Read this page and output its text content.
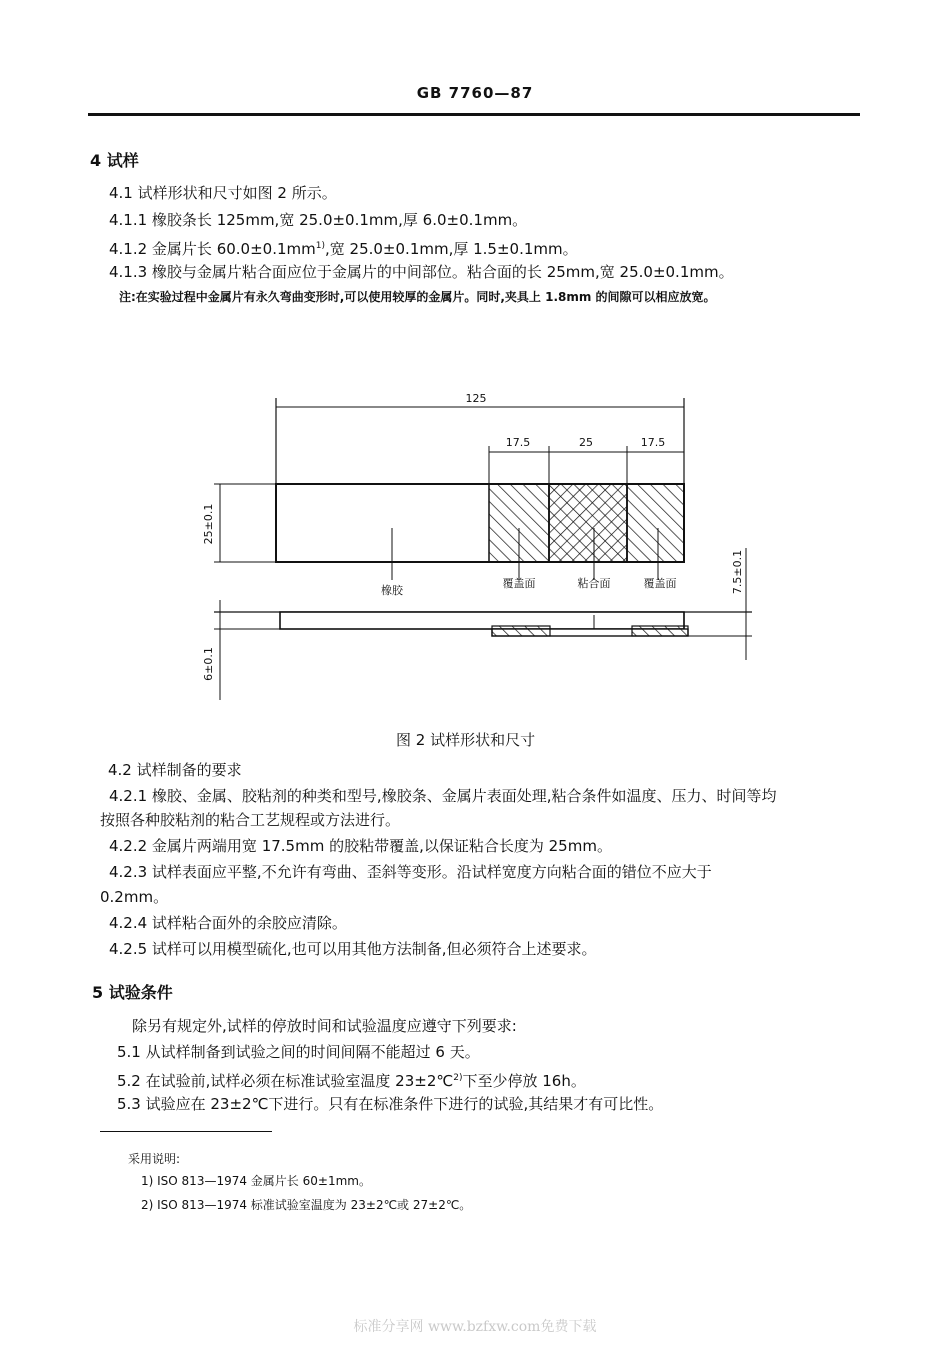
GB 7760—87
4 试样
4.1 试样形状和尺寸如图 2 所示。
4.1.1 橡胶条长 125mm,宽 25.0±0.1mm,厚 6.0±0.1mm。
4.1.2 金属片长 $60.0\pm 0.1mm^{1)}$,宽 25.0±0.1mm,厚 1.5±0.1mm。
4.1.3 橡胶与金属片粘合面应位于金属片的中间部位。粘合面的长 25mm,宽 25.0±0.1mm。
注:在实验过程中金属片有永久弯曲变形时,可以使用较厚的金属片。同时,夹具上 1.8mm 的间隙可以相应放宽。
125
17.5	25	17.5
25±0.1
橡胶
覆盖面	粘合面	覆盖面	7.5±0.1
6±0.1
图 2 试样形状和尺寸
4.2 试样制备的要求
4.2.1 橡胶、金属、胶粘剂的种类和型号,橡胶条、金属片表面处理,粘合条件如温度、压力、时间等均
按照各种胶粘剂的粘合工艺规程或方法进行。
4.2.2 金属片两端用宽 17.5mm 的胶粘带覆盖,以保证粘合长度为 25mm。
4.2.3 试样表面应平整,不允许有弯曲、歪斜等变形。沿试样宽度方向粘合面的错位不应大于
0.2mm。
4.2.4 试样粘合面外的余胶应清除。
4.2.5 试样可以用模型硫化,也可以用其他方法制备,但必须符合上述要求。
5 试验条件
除另有规定外,试样的停放时间和试验温度应遵守下列要求:
5.1 从试样制备到试验之间的时间间隔不能超过 6 天。
5.2 在试验前,试样必须在标准试验室温度 23±2℃$^{2)}$下至少停放 16h。
5.3 试验应在 23±2℃下进行。只有在标准条件下进行的试验,其结果才有可比性。
采用说明:
1) ISO 813—1974 金属片长 60±1mm。
2) ISO 813—1974 标准试验室温度为 23±2℃或 27±2℃。
标准分享网 www.bzfxw.com免费下载
